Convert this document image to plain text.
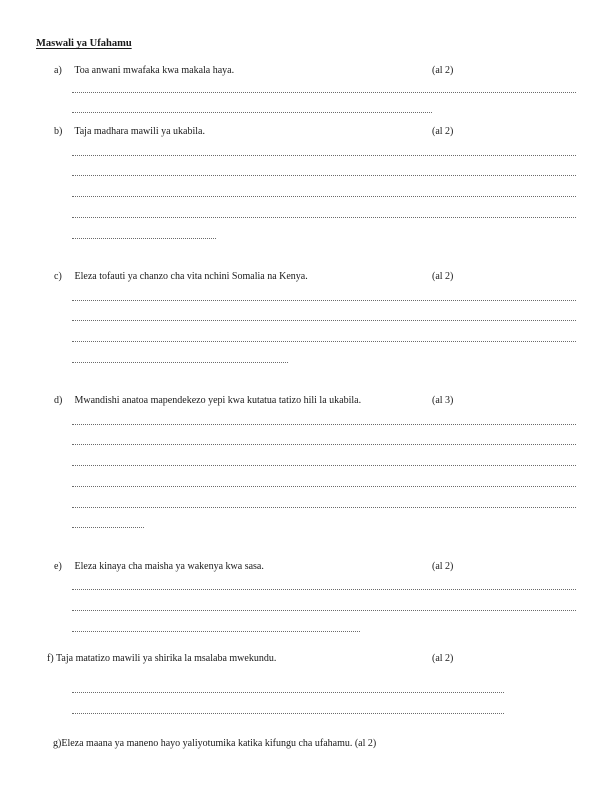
Maswali ya Ufahamu
a) Toa anwani mwafaka kwa makala haya.	(al 2)
b) Taja madhara mawili ya ukabila.	(al 2)
c) Eleza tofauti ya chanzo cha vita nchini Somalia na Kenya.	(al 2)
d) Mwandishi anatoa mapendekezo yepi kwa kutatua tatizo hili la ukabila.	(al 3)
e) Eleza kinaya cha maisha ya wakenya kwa sasa.	(al 2)
f) Taja matatizo mawili ya shirika la msalaba mwekundu.	(al 2)
g)Eleza maana ya maneno hayo yaliyotumika katika kifungu cha ufahamu. (al 2)
